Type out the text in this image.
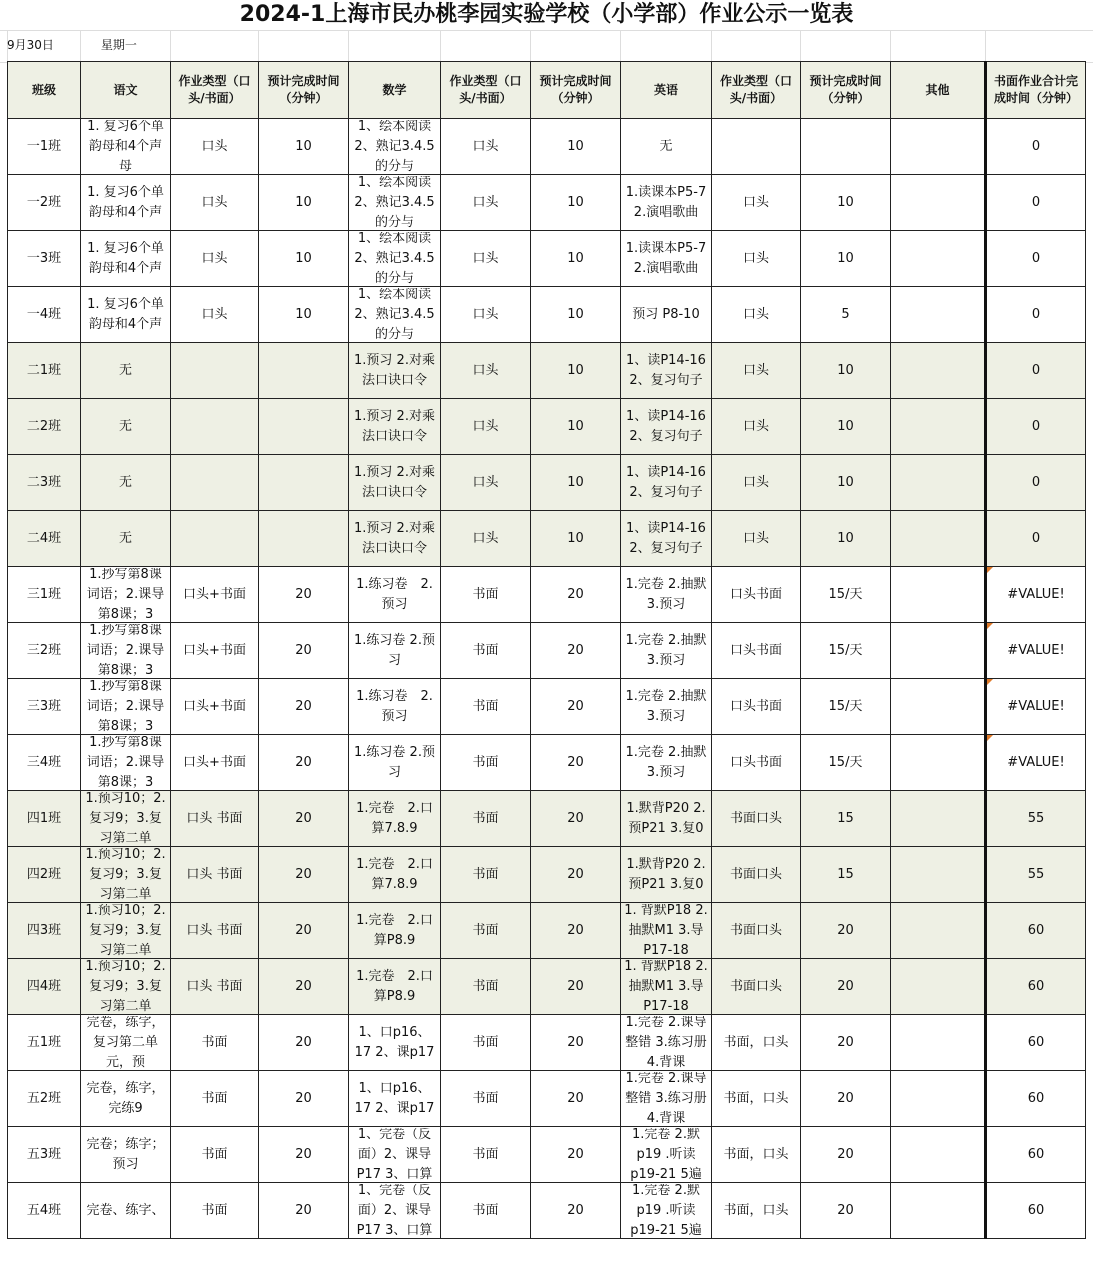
2024-1上海市民办桃李园实验学校（小学部）作业公示一览表
9月30日	星期一
班级	语文	作业类型（口头/书面）	预计完成时间（分钟）	数学	作业类型（口头/书面）	预计完成时间（分钟）	英语	作业类型（口头/书面）	预计完成时间（分钟）	其他	书面作业合计完成时间（分钟）

一1班	1. 复习6个单韵母和4个声母	口头	10	1、绘本阅读 2、熟记3.4.5的分与	口头	10	无				0

一2班	1. 复习6个单韵母和4个声	口头	10	1、绘本阅读 2、熟记3.4.5的分与	口头	10	1.读课本P5-7 2.演唱歌曲	口头	10		0

一3班	1. 复习6个单韵母和4个声	口头	10	1、绘本阅读 2、熟记3.4.5的分与	口头	10	1.读课本P5-7 2.演唱歌曲	口头	10		0

一4班	1. 复习6个单韵母和4个声	口头	10	1、绘本阅读 2、熟记3.4.5的分与	口头	10	预习 P8-10	口头	5		0

二1班	无			1.预习 2.对乘法口诀口令	口头	10	1、读P14-16 2、复习句子	口头	10		0

二2班	无			1.预习 2.对乘法口诀口令	口头	10	1、读P14-16 2、复习句子	口头	10		0

二3班	无			1.预习 2.对乘法口诀口令	口头	10	1、读P14-16 2、复习句子	口头	10		0

二4班	无			1.预习 2.对乘法口诀口令	口头	10	1、读P14-16 2、复习句子	口头	10		0

三1班	1.抄写第8课词语；2.课导第8课；3	口头+书面	20	1.练习卷　2.预习	书面	20	1.完卷 2.抽默 3.预习	口头书面	15/天		#VALUE!

三2班	1.抄写第8课词语；2.课导第8课；3	口头+书面	20	1.练习卷 2.预习	书面	20	1.完卷 2.抽默 3.预习	口头书面	15/天		#VALUE!

三3班	1.抄写第8课词语；2.课导第8课；3	口头+书面	20	1.练习卷　2.预习	书面	20	1.完卷 2.抽默 3.预习	口头书面	15/天		#VALUE!

三4班	1.抄写第8课词语；2.课导第8课；3	口头+书面	20	1.练习卷 2.预习	书面	20	1.完卷 2.抽默 3.预习	口头书面	15/天		#VALUE!

四1班	1.预习10；2.复习9；3.复习第二单	口头 书面	20	1.完卷　2.口算7.8.9	书面	20	1.默背P20 2.预P21 3.复0	书面口头	15		55

四2班	1.预习10；2.复习9；3.复习第二单	口头 书面	20	1.完卷　2.口算7.8.9	书面	20	1.默背P20 2.预P21 3.复0	书面口头	15		55

四3班	1.预习10；2.复习9；3.复习第二单	口头 书面	20	1.完卷　2.口算P8.9	书面	20	1. 背默P18 2.抽默M1 3.导P17-18	书面口头	20		60

四4班	1.预习10；2.复习9；3.复习第二单	口头 书面	20	1.完卷　2.口算P8.9	书面	20	1. 背默P18 2.抽默M1 3.导P17-18	书面口头	20		60

五1班	完卷，练字，复习第二单元，预	书面	20	1、口p16、17 2、课p17	书面	20	1.完卷 2.课导整错 3.练习册 4.背课	书面，口头	20		60

五2班	完卷，练字，完练9	书面	20	1、口p16、17 2、课p17	书面	20	1.完卷 2.课导整错 3.练习册 4.背课	书面，口头	20		60

五3班	完卷；练字；预习	书面	20	1、完卷（反面）2、课导P17 3、口算	书面	20	1.完卷 2.默p19 .听读p19-21 5遍	书面，口头	20		60

五4班	完卷、练字、	书面	20	1、完卷（反面）2、课导P17 3、口算	书面	20	1.完卷 2.默p19 .听读p19-21 5遍	书面，口头	20		60
